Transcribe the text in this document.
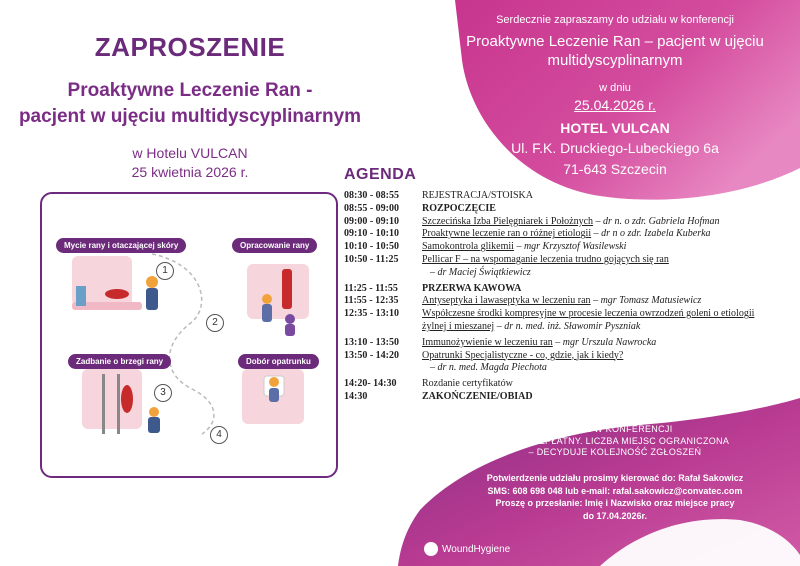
ZAPROSZENIE
Proaktywne Leczenie Ran -
pacjent w ujęciu multidyscyplinarnym
w Hotelu VULCAN
25 kwietnia 2026 r.
Mycie rany i otaczającej skóry	Opracowanie rany
Zadbanie o brzegi rany	Dobór opatrunku
1
2
3
4
Serdecznie zapraszamy do udziału w konferencji
Proaktywne Leczenie Ran – pacjent w ujęciu
multidyscyplinarnym
w dniu
25.04.2026 r.
HOTEL VULCAN
Ul. F.K. Druckiego-Lubeckiego 6a
71-643 Szczecin
AGENDA
08:30 - 08:55	REJESTRACJA/STOISKA
08:55 - 09:00	ROZPOCZĘCIE
09:00 - 09:10	Szczecińska Izba Pielęgniarek i Położnych – dr n. o zdr. Gabriela Hofman
09:10 - 10:10	Proaktywne leczenie ran o różnej etiologii – dr n o zdr. Izabela Kuberka
10:10 - 10:50	Samokontrola glikemii – mgr Krzysztof Wasilewski
10:50 - 11:25	Pellicar F – na wspomaganie leczenia trudno gojących się ran
– dr Maciej Świątkiewicz
11:25 - 11:55	PRZERWA KAWOWA
11:55 - 12:35	Antyseptyka i lawaseptyka w leczeniu ran – mgr Tomasz Matusiewicz
12:35 - 13:10	Współczesne środki kompresyjne w procesie leczenia owrzodzeń goleni o etiologii żylnej i mieszanej – dr n. med. inż. Sławomir Pyszniak
13:10 - 13:50	Immunożywienie w leczeniu ran – mgr Urszula Nawrocka
13:50 - 14:20	Opatrunki Specjalistyczne - co, gdzie, jak i kiedy?
– dr n. med. Magda Piechota
14:20- 14:30	Rozdanie certyfikatów
14:30	ZAKOŃCZENIE/OBIAD
UDZIAŁ W KONFERENCJI
JEST BEZPŁATNY. LICZBA MIEJSC OGRANICZONA
– DECYDUJE KOLEJNOŚĆ ZGŁOSZEŃ
Potwierdzenie udziału prosimy kierować do: Rafał Sakowicz
SMS: 608 698 048 lub e-mail: rafal.sakowicz@convatec.com
Proszę o przesłanie: Imię i Nazwisko oraz miejsce pracy
do 17.04.2026r.
WoundHygiene
